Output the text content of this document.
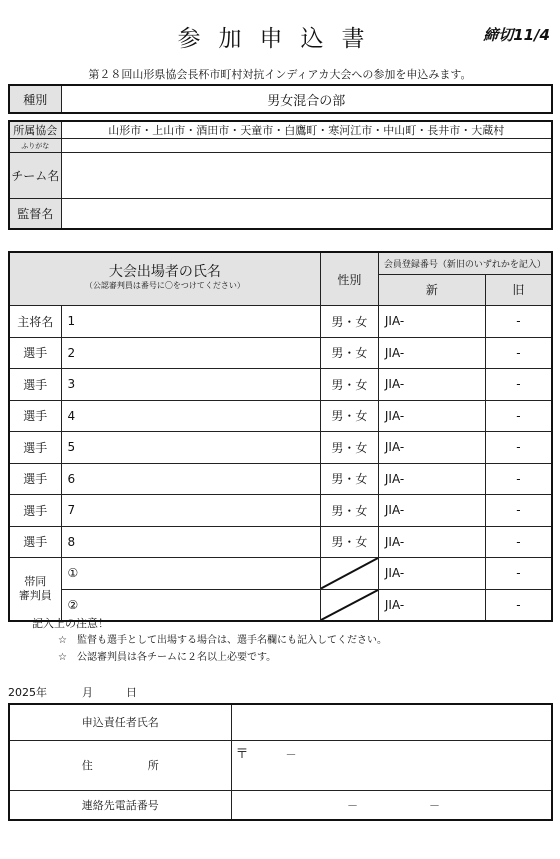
参加申込書	締切11/4
第２８回山形県協会長杯市町村対抗インディアカ大会への参加を申込みます。
種別	男女混合の部
所属協会	山形市・上山市・酒田市・天童市・白鷹町・寒河江市・中山町・長井市・大蔵村
ふりがな	
チーム名	
監督名	
大会出場者の氏名
（公認審判員は番号に〇をつけてください）		性別	会員登録番号（新旧のいずれかを記入）	
			新	旧
主将名	1	男・女	JIA-	-
選手	2	男・女	JIA-	-
選手	3	男・女	JIA-	-
選手	4	男・女	JIA-	-
選手	5	男・女	JIA-	-
選手	6	男・女	JIA-	-
選手	7	男・女	JIA-	-
選手	8	男・女	JIA-	-

帯同
審判員	①		JIA-	-
	②		JIA-	-
記入上の注意！
☆　監督も選手として出場する場合は、選手名欄にも記入してください。
☆　公認審判員は各チームに２名以上必要です。
2025年	月	日
申込責任者氏名	
住 所	〒 －
連絡先電話番号	－ －
